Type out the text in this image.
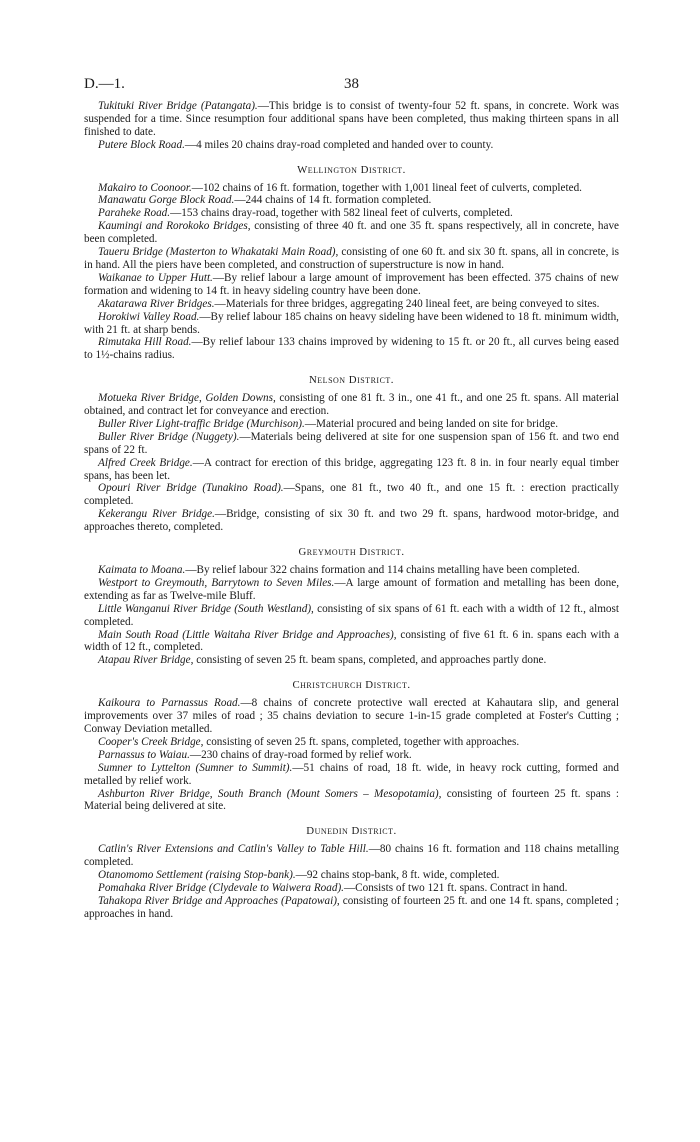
D.—1.	38

Tukituki River Bridge (Patangata).—This bridge is to consist of twenty-four 52 ft. spans, in concrete. Work was suspended for a time. Since resumption four additional spans have been completed, thus making thirteen spans in all finished to date.

Putere Block Road.—4 miles 20 chains dray-road completed and handed over to county.

Wellington District.

Makairo to Coonoor.—102 chains of 16 ft. formation, together with 1,001 lineal feet of culverts, completed.

Manawatu Gorge Block Road.—244 chains of 14 ft. formation completed.

Paraheke Road.—153 chains dray-road, together with 582 lineal feet of culverts, completed.

Kaumingi and Rorokoko Bridges, consisting of three 40 ft. and one 35 ft. spans respectively, all in concrete, have been completed.

Taueru Bridge (Masterton to Whakataki Main Road), consisting of one 60 ft. and six 30 ft. spans, all in concrete, is in hand. All the piers have been completed, and construction of superstructure is now in hand.

Waikanae to Upper Hutt.—By relief labour a large amount of improvement has been effected. 375 chains of new formation and widening to 14 ft. in heavy sideling country have been done.

Akatarawa River Bridges.—Materials for three bridges, aggregating 240 lineal feet, are being conveyed to sites.

Horokiwi Valley Road.—By relief labour 185 chains on heavy sideling have been widened to 18 ft. minimum width, with 21 ft. at sharp bends.

Rimutaka Hill Road.—By relief labour 133 chains improved by widening to 15 ft. or 20 ft., all curves being eased to 1½-chains radius.

Nelson District.

Motueka River Bridge, Golden Downs, consisting of one 81 ft. 3 in., one 41 ft., and one 25 ft. spans. All material obtained, and contract let for conveyance and erection.

Buller River Light-traffic Bridge (Murchison).—Material procured and being landed on site for bridge.

Buller River Bridge (Nuggety).—Materials being delivered at site for one suspension span of 156 ft. and two end spans of 22 ft.

Alfred Creek Bridge.—A contract for erection of this bridge, aggregating 123 ft. 8 in. in four nearly equal timber spans, has been let.

Opouri River Bridge (Tunakino Road).—Spans, one 81 ft., two 40 ft., and one 15 ft. : erection practically completed.

Kekerangu River Bridge.—Bridge, consisting of six 30 ft. and two 29 ft. spans, hardwood motor-bridge, and approaches thereto, completed.

Greymouth District.

Kaimata to Moana.—By relief labour 322 chains formation and 114 chains metalling have been completed.

Westport to Greymouth, Barrytown to Seven Miles.—A large amount of formation and metalling has been done, extending as far as Twelve-mile Bluff.

Little Wanganui River Bridge (South Westland), consisting of six spans of 61 ft. each with a width of 12 ft., almost completed.

Main South Road (Little Waitaha River Bridge and Approaches), consisting of five 61 ft. 6 in. spans each with a width of 12 ft., completed.

Atapau River Bridge, consisting of seven 25 ft. beam spans, completed, and approaches partly done.

Christchurch District.

Kaikoura to Parnassus Road.—8 chains of concrete protective wall erected at Kahautara slip, and general improvements over 37 miles of road ; 35 chains deviation to secure 1-in-15 grade completed at Foster's Cutting ; Conway Deviation metalled.

Cooper's Creek Bridge, consisting of seven 25 ft. spans, completed, together with approaches.

Parnassus to Waiau.—230 chains of dray-road formed by relief work.

Sumner to Lyttelton (Sumner to Summit).—51 chains of road, 18 ft. wide, in heavy rock cutting, formed and metalled by relief work.

Ashburton River Bridge, South Branch (Mount Somers – Mesopotamia), consisting of fourteen 25 ft. spans : Material being delivered at site.

Dunedin District.

Catlin's River Extensions and Catlin's Valley to Table Hill.—80 chains 16 ft. formation and 118 chains metalling completed.

Otanomomo Settlement (raising Stop-bank).—92 chains stop-bank, 8 ft. wide, completed.

Pomahaka River Bridge (Clydevale to Waiwera Road).—Consists of two 121 ft. spans. Contract in hand.

Tahakopa River Bridge and Approaches (Papatowai), consisting of fourteen 25 ft. and one 14 ft. spans, completed ; approaches in hand.
